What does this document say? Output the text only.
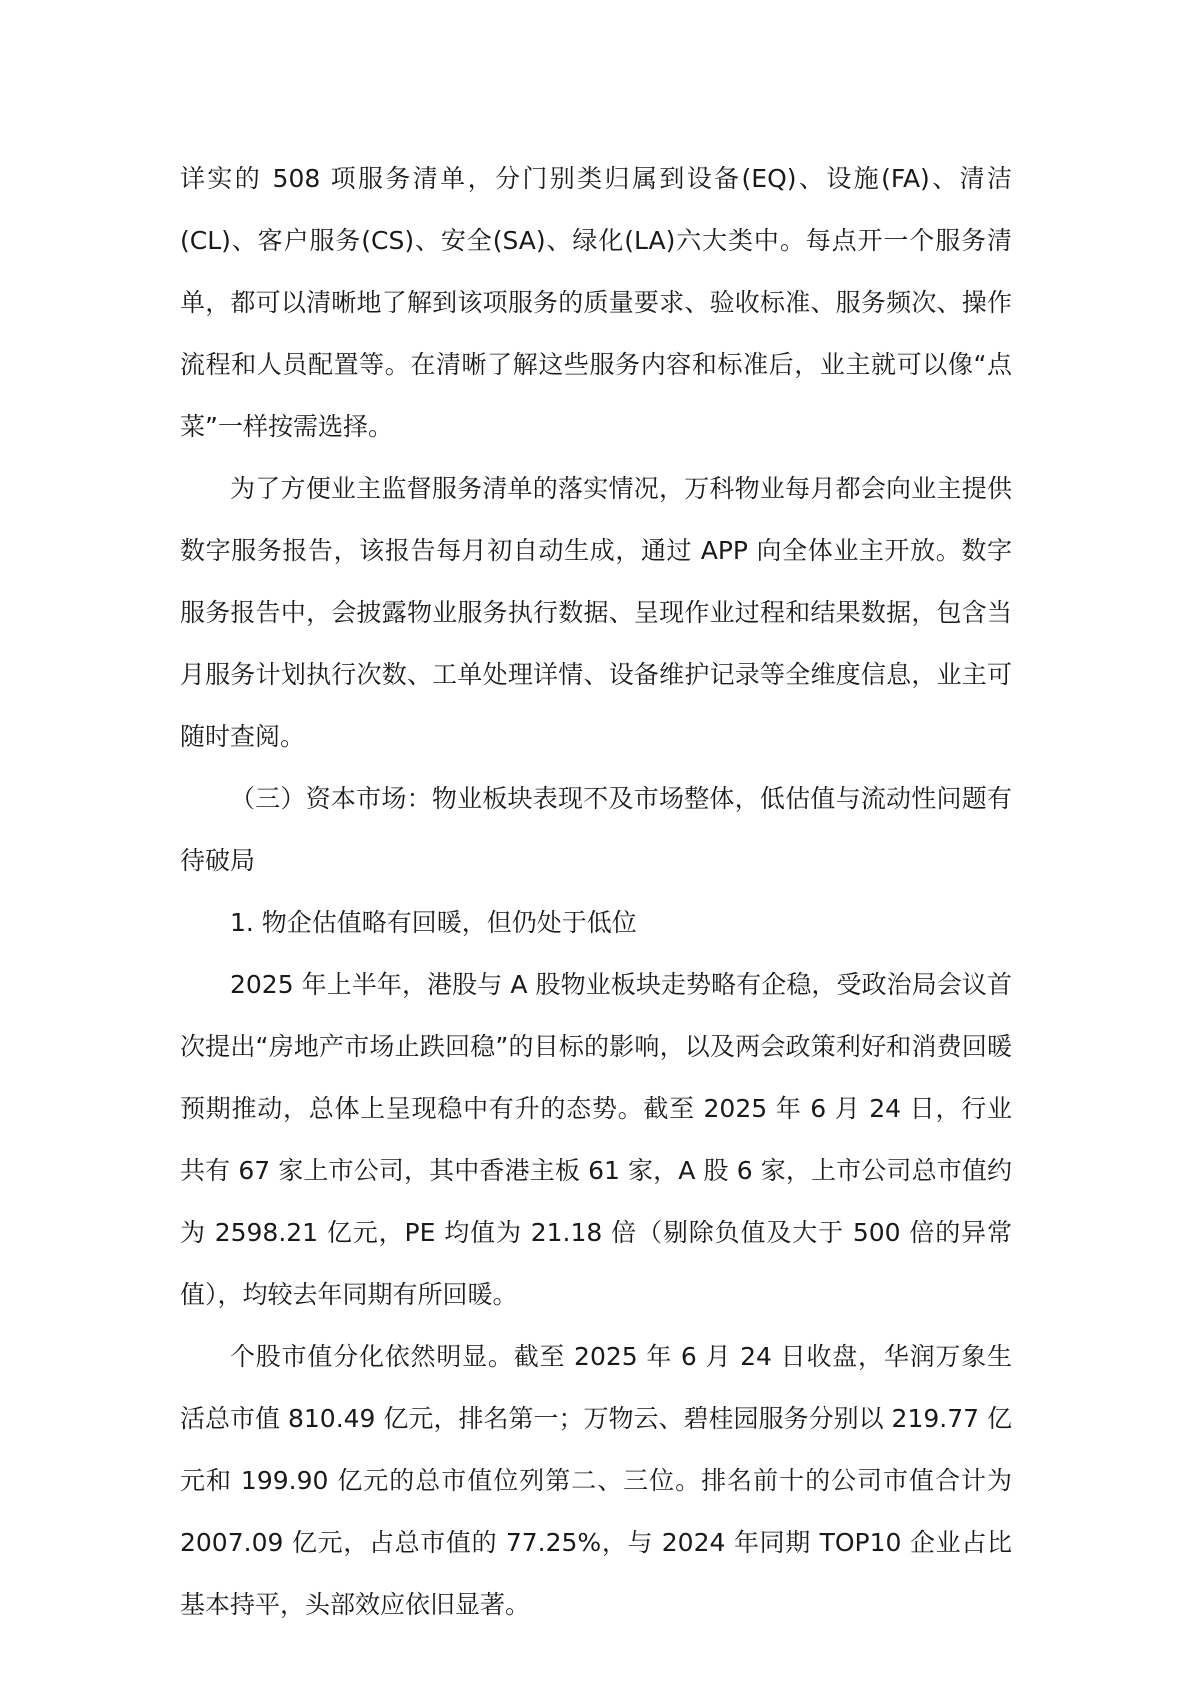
详实的 508 项服务清单，分门别类归属到设备(EQ)、设施(FA)、清洁(CL)、客户服务(CS)、安全(SA)、绿化(LA)六大类中。每点开一个服务清单，都可以清晰地了解到该项服务的质量要求、验收标准、服务频次、操作流程和人员配置等。在清晰了解这些服务内容和标准后，业主就可以像“点菜”一样按需选择。

为了方便业主监督服务清单的落实情况，万科物业每月都会向业主提供数字服务报告，该报告每月初自动生成，通过 APP 向全体业主开放。数字服务报告中，会披露物业服务执行数据、呈现作业过程和结果数据，包含当月服务计划执行次数、工单处理详情、设备维护记录等全维度信息，业主可随时查阅。

（三）资本市场：物业板块表现不及市场整体，低估值与流动性问题有待破局

1. 物企估值略有回暖，但仍处于低位

2025 年上半年，港股与 A 股物业板块走势略有企稳，受政治局会议首次提出“房地产市场止跌回稳”的目标的影响，以及两会政策利好和消费回暖预期推动，总体上呈现稳中有升的态势。截至 2025 年 6 月 24 日，行业共有 67 家上市公司，其中香港主板 61 家，A 股 6 家，上市公司总市值约为 2598.21 亿元，PE 均值为 21.18 倍（剔除负值及大于 500 倍的异常值），均较去年同期有所回暖。

个股市值分化依然明显。截至 2025 年 6 月 24 日收盘，华润万象生活总市值 810.49 亿元，排名第一；万物云、碧桂园服务分别以 219.77 亿元和 199.90 亿元的总市值位列第二、三位。排名前十的公司市值合计为 2007.09 亿元，占总市值的 77.25%，与 2024 年同期 TOP10 企业占比基本持平，头部效应依旧显著。
